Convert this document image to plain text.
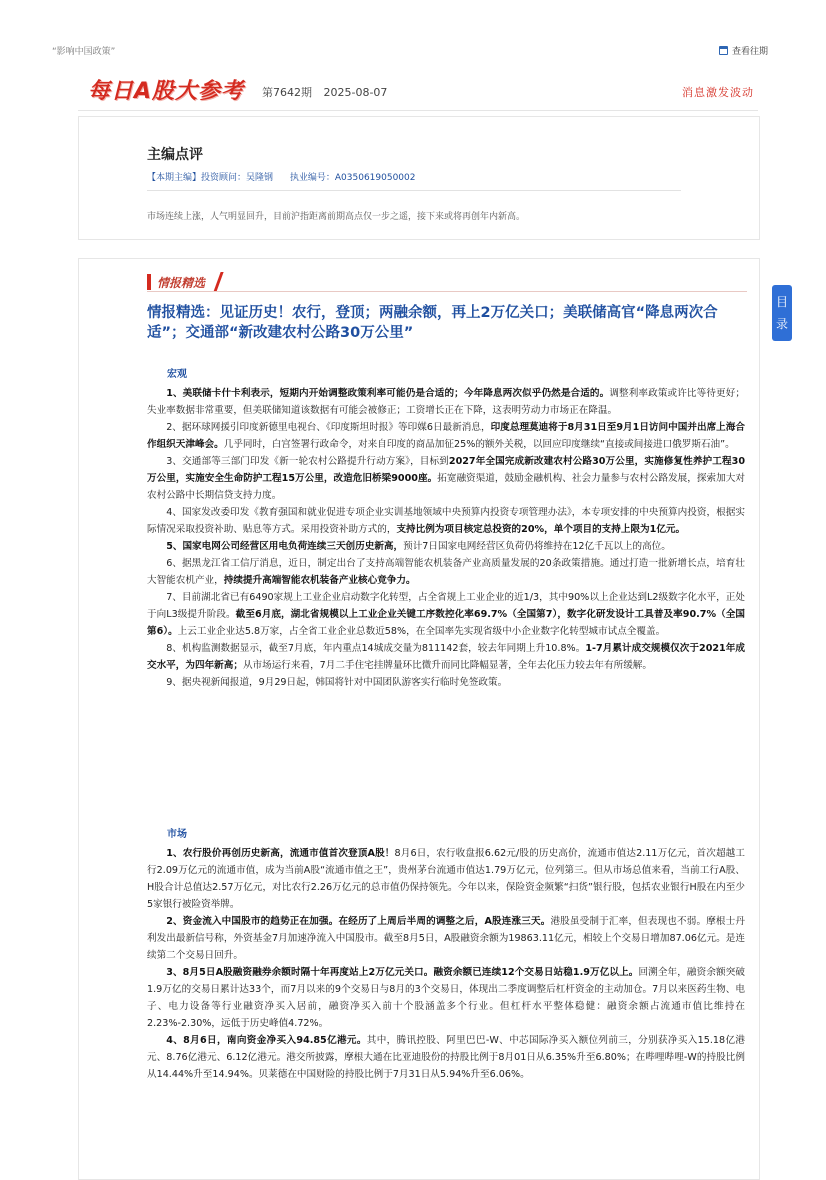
“影响中国政策”	查看往期
每日A股大参考 第7642期 2025-08-07	消息激发波动
主编点评
【本期主编】投资顾问：吴隆钢 执业编号：A0350619050002
市场连续上涨，人气明显回升，目前沪指距离前期高点仅一步之遥，接下来或将再创年内新高。
情报精选
情报精选：见证历史！农行，登顶；两融余额，再上2万亿关口；美联储高官“降息两次合适”；交通部“新改建农村公路30万公里”
宏观

1、美联储卡什卡利表示，短期内开始调整政策利率可能仍是合适的；今年降息两次似乎仍然是合适的。调整利率政策或许比等待更好；失业率数据非常重要，但美联储知道该数据有可能会被修正；工资增长正在下降，这表明劳动力市场正在降温。

2、据环球网援引印度新德里电视台、《印度斯坦时报》等印媒6日最新消息，印度总理莫迪将于8月31日至9月1日访问中国并出席上海合作组织天津峰会。几乎同时，白宫签署行政命令，对来自印度的商品加征25%的额外关税，以回应印度继续“直接或间接进口俄罗斯石油”。

3、交通部等三部门印发《新一轮农村公路提升行动方案》，目标到2027年全国完成新改建农村公路30万公里，实施修复性养护工程30万公里，实施安全生命防护工程15万公里，改造危旧桥梁9000座。拓宽融资渠道，鼓励金融机构、社会力量参与农村公路发展，探索加大对农村公路中长期信贷支持力度。

4、国家发改委印发《教育强国和就业促进专项企业实训基地领域中央预算内投资专项管理办法》，本专项安排的中央预算内投资，根据实际情况采取投资补助、贴息等方式。采用投资补助方式的，支持比例为项目核定总投资的20%，单个项目的支持上限为1亿元。

5、国家电网公司经营区用电负荷连续三天创历史新高，预计7日国家电网经营区负荷仍将维持在12亿千瓦以上的高位。

6、据黑龙江省工信厅消息，近日，制定出台了支持高端智能农机装备产业高质量发展的20条政策措施。通过打造一批新增长点，培育壮大智能农机产业，持续提升高端智能农机装备产业核心竞争力。

7、目前湖北省已有6490家规上工业企业启动数字化转型，占全省规上工业企业的近1/3，其中90%以上企业达到L2级数字化水平，正处于向L3级提升阶段。截至6月底，湖北省规模以上工业企业关键工序数控化率69.7%（全国第7），数字化研发设计工具普及率90.7%（全国第6）。上云工业企业达5.8万家，占全省工业企业总数近58%，在全国率先实现省级中小企业数字化转型城市试点全覆盖。

8、机构监测数据显示，截至7月底，年内重点14城成交量为811142套，较去年同期上升10.8%。1-7月累计成交规模仅次于2021年成交水平，为四年新高；从市场运行来看，7月二手住宅挂牌量环比微升而同比降幅显著，全年去化压力较去年有所缓解。

9、据央视新闻报道，9月29日起，韩国将针对中国团队游客实行临时免签政策。

市场

1、农行股价再创历史新高，流通市值首次登顶A股！8月6日，农行收盘报6.62元/股的历史高价，流通市值达2.11万亿元，首次超越工行2.09万亿元的流通市值，成为当前A股“流通市值之王”，贵州茅台流通市值达1.79万亿元，位列第三。但从市场总值来看，当前工行A股、H股合计总值达2.57万亿元，对比农行2.26万亿元的总市值仍保持领先。今年以来，保险资金频繁“扫货”银行股，包括农业银行H股在内至少5家银行被险资举牌。

2、资金流入中国股市的趋势正在加强。在经历了上周后半周的调整之后，A股连涨三天。港股虽受制于汇率，但表现也不弱。摩根士丹利发出最新信号称，外资基金7月加速净流入中国股市。截至8月5日，A股融资余额为19863.11亿元，相较上个交易日增加87.06亿元。是连续第二个交易日回升。

3、8月5日A股融资融券余额时隔十年再度站上2万亿元关口。融资余额已连续12个交易日站稳1.9万亿以上。回溯全年，融资余额突破1.9万亿的交易日累计达33个，而7月以来的9个交易日与8月的3个交易日，体现出二季度调整后杠杆资金的主动加仓。7月以来医药生物、电子、电力设备等行业融资净买入居前，融资净买入前十个股涵盖多个行业。但杠杆水平整体稳健：融资余额占流通市值比维持在2.23%-2.30%，远低于历史峰值4.72%。

4、8月6日，南向资金净买入94.85亿港元。其中，腾讯控股、阿里巴巴-W、中芯国际净买入额位列前三，分别获净买入15.18亿港元、8.76亿港元、6.12亿港元。港交所披露，摩根大通在比亚迪股份的持股比例于8月01日从6.35%升至6.80%；在哔哩哔哩-W的持股比例从14.44%升至14.94%。贝莱德在中国财险的持股比例于7月31日从5.94%升至6.06%。

目
录
